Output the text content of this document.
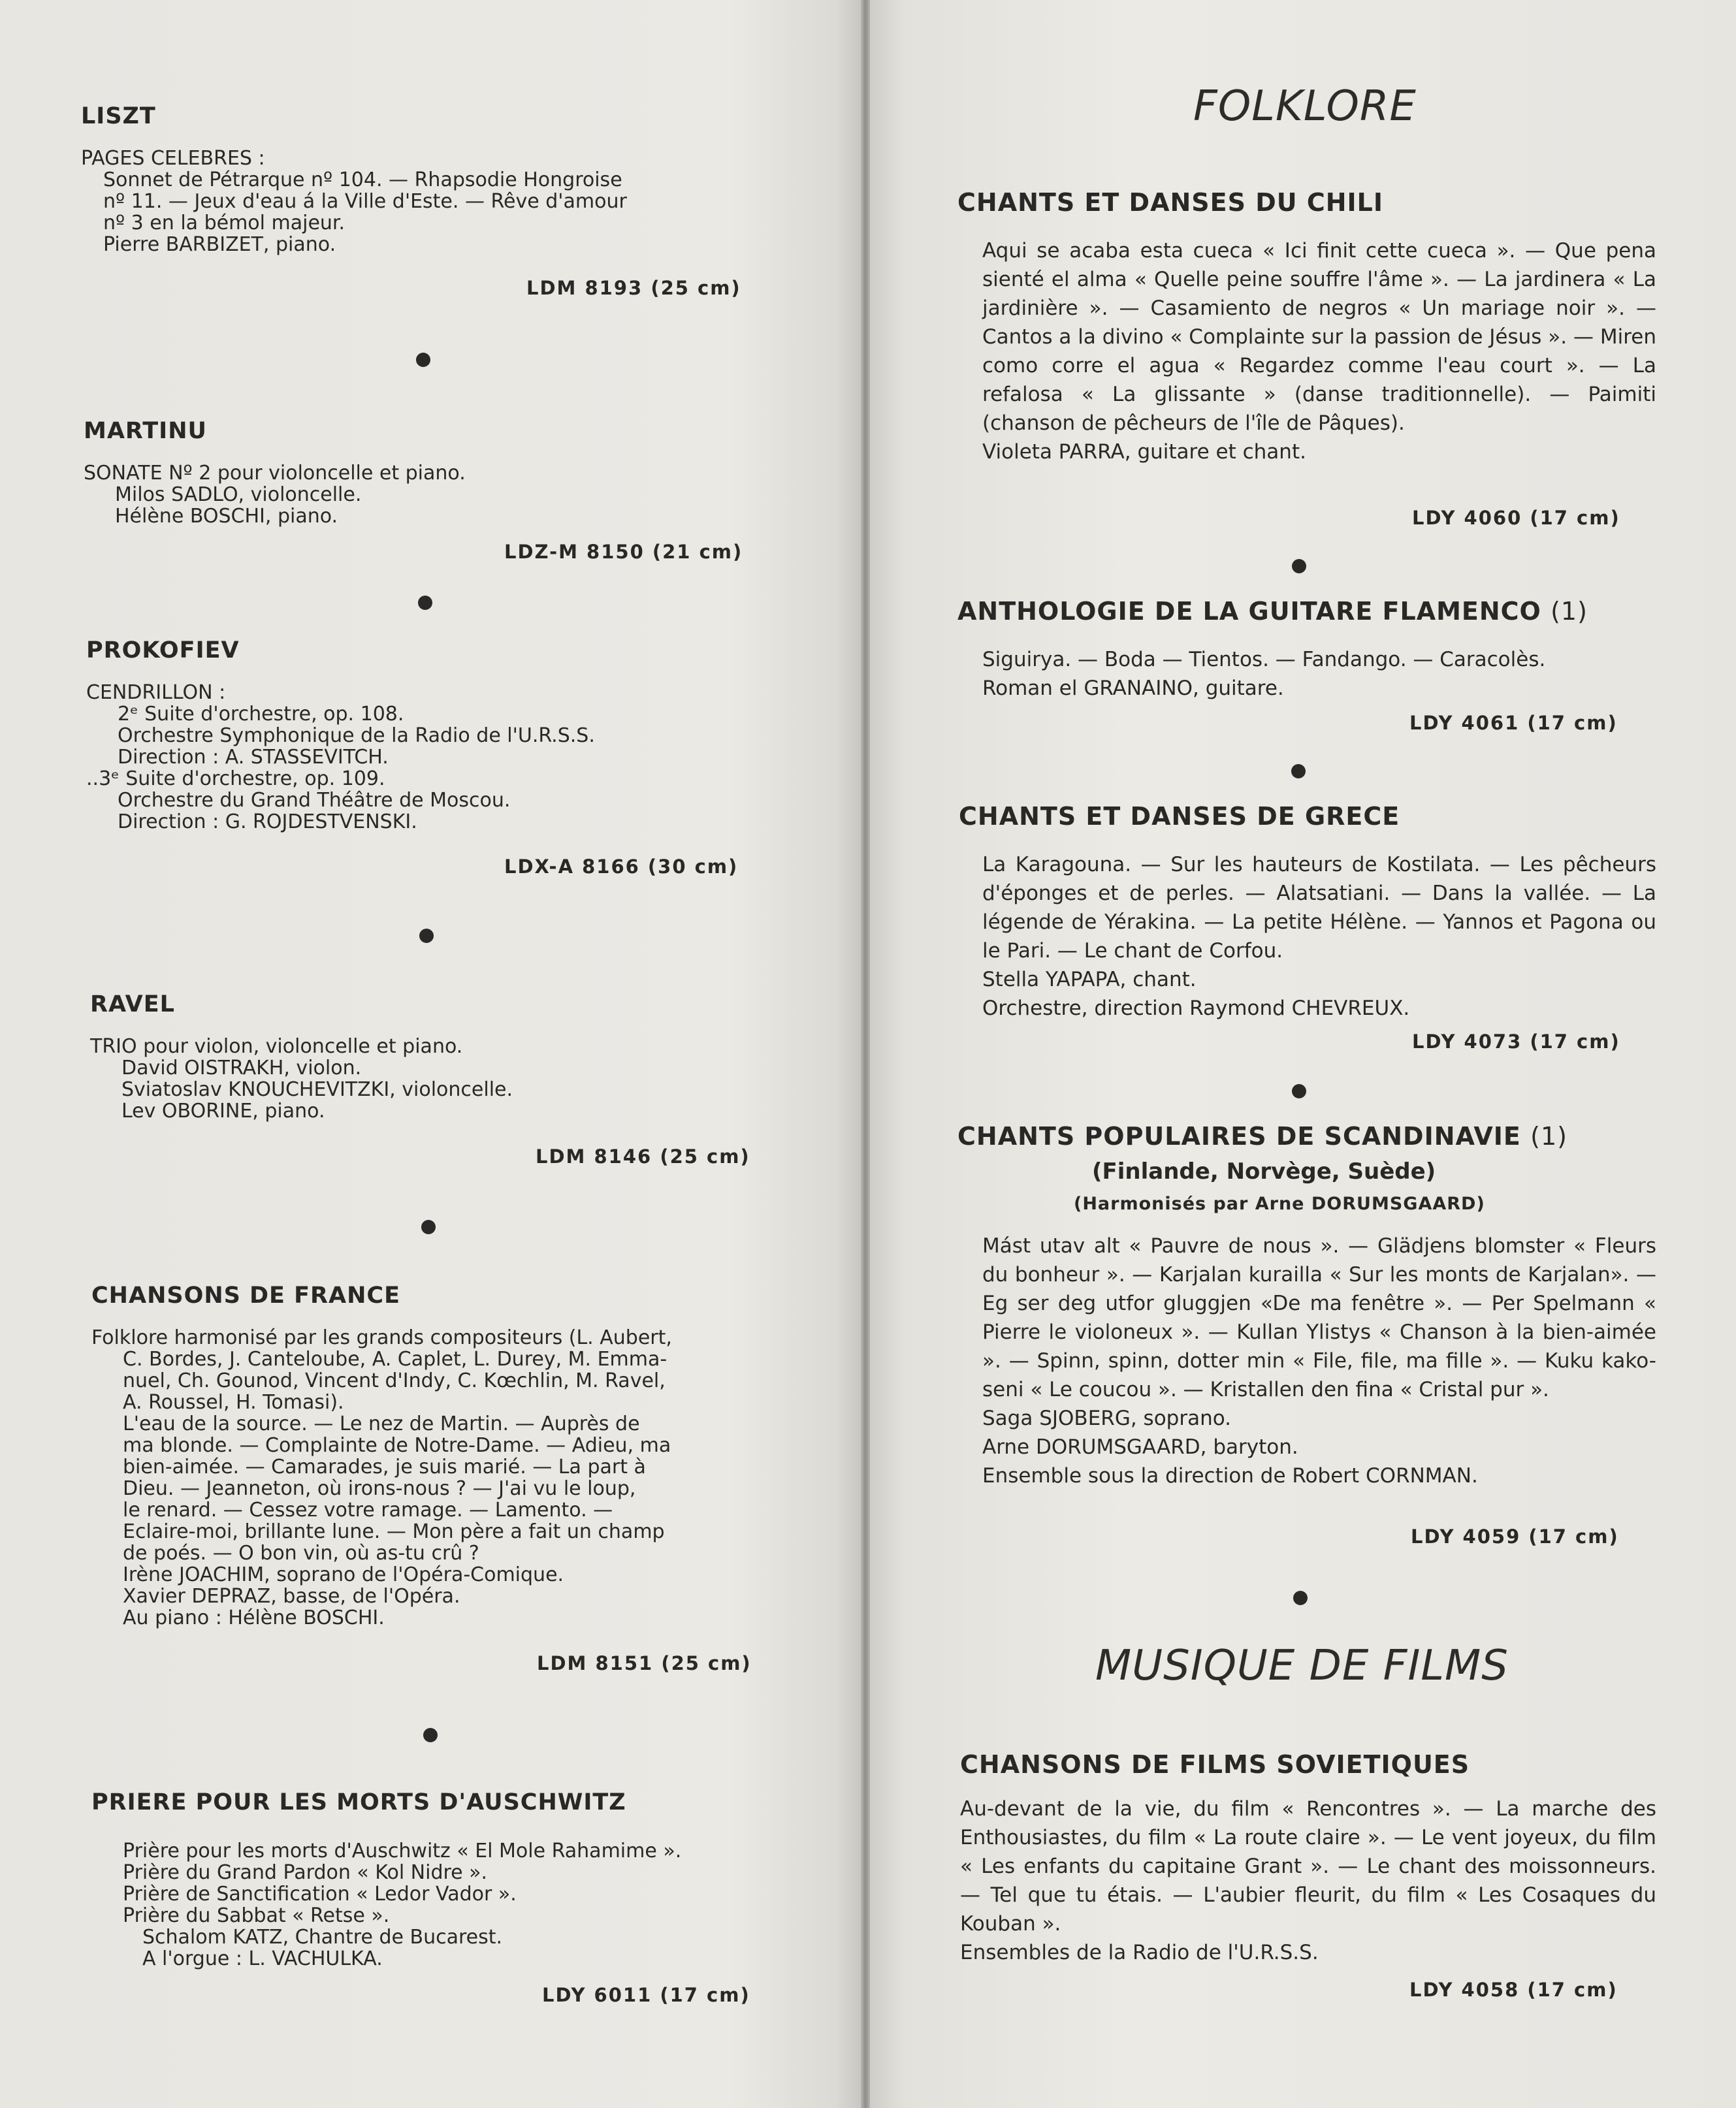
LISZT
PAGES CELEBRES :
Sonnet de Pétrarque nº 104. — Rhapsodie Hongroise
nº 11. — Jeux d'eau á la Ville d'Este. — Rêve d'amour
nº 3 en la bémol majeur.
Pierre BARBIZET, piano.
LDM 8193 (25 cm)
MARTINU
SONATE Nº 2 pour violoncelle et piano.
Milos SADLO, violoncelle.
Hélène BOSCHI, piano.
LDZ-M 8150 (21 cm)
PROKOFIEV
CENDRILLON :
2ᵉ Suite d'orchestre, op. 108.
Orchestre Symphonique de la Radio de l'U.R.S.S.
Direction : A. STASSEVITCH.
..3ᵉ Suite d'orchestre, op. 109.
Orchestre du Grand Théâtre de Moscou.
Direction : G. ROJDESTVENSKI.
LDX-A 8166 (30 cm)
RAVEL
TRIO pour violon, violoncelle et piano.
David OISTRAKH, violon.
Sviatoslav KNOUCHEVITZKI, violoncelle.
Lev OBORINE, piano.
LDM 8146 (25 cm)
CHANSONS DE FRANCE
Folklore harmonisé par les grands compositeurs (L. Aubert,
C. Bordes, J. Canteloube, A. Caplet, L. Durey, M. Emma-
nuel, Ch. Gounod, Vincent d'Indy, C. Kœchlin, M. Ravel,
A. Roussel, H. Tomasi).
L'eau de la source. — Le nez de Martin. — Auprès de
ma blonde. — Complainte de Notre-Dame. — Adieu, ma
bien-aimée. — Camarades, je suis marié. — La part à
Dieu. — Jeanneton, où irons-nous ? — J'ai vu le loup,
le renard. — Cessez votre ramage. — Lamento. —
Eclaire-moi, brillante lune. — Mon père a fait un champ
de poés. — O bon vin, où as-tu crû ?
Irène JOACHIM, soprano de l'Opéra-Comique.
Xavier DEPRAZ, basse, de l'Opéra.
Au piano : Hélène BOSCHI.
LDM 8151 (25 cm)
PRIERE POUR LES MORTS D'AUSCHWITZ
Prière pour les morts d'Auschwitz « El Mole Rahamime ».
Prière du Grand Pardon « Kol Nidre ».
Prière de Sanctification « Ledor Vador ».
Prière du Sabbat « Retse ».
Schalom KATZ, Chantre de Bucarest.
A l'orgue : L. VACHULKA.
LDY 6011 (17 cm)
FOLKLORE
CHANTS ET DANSES DU CHILI
Aqui se acaba esta cueca « Ici finit cette cueca ». — Que pena sienté el alma « Quelle peine souffre l'âme ». — La jardinera « La jardinière ». — Casamiento de negros « Un mariage noir ». — Cantos a la divino « Complainte sur la passion de Jésus ». — Miren como corre el agua « Regardez comme l'eau court ». — La refalosa « La glissante » (danse traditionnelle). — Paimiti (chanson de pêcheurs de l'île de Pâques).
Violeta PARRA, guitare et chant.
LDY 4060 (17 cm)
ANTHOLOGIE DE LA GUITARE FLAMENCO (1)
Siguirya. — Boda — Tientos. — Fandango. — Caracolès.
Roman el GRANAINO, guitare.
LDY 4061 (17 cm)
CHANTS ET DANSES DE GRECE
La Karagouna. — Sur les hauteurs de Kostilata. — Les pêcheurs d'éponges et de perles. — Alatsatiani. — Dans la vallée. — La légende de Yérakina. — La petite Hélène. — Yannos et Pagona ou le Pari. — Le chant de Corfou.
Stella YAPAPA, chant.
Orchestre, direction Raymond CHEVREUX.
LDY 4073 (17 cm)
CHANTS POPULAIRES DE SCANDINAVIE (1)
(Finlande, Norvège, Suède)
(Harmonisés par Arne DORUMSGAARD)
Mást utav alt « Pauvre de nous ». — Glädjens blomster « Fleurs du bonheur ». — Karjalan kurailla « Sur les monts de Karjalan». — Eg ser deg utfor gluggjen «De ma fenêtre ». — Per Spelmann « Pierre le violoneux ». — Kullan Ylistys « Chanson à la bien-aimée ». — Spinn, spinn, dotter min « File, file, ma fille ». — Kuku kako-seni « Le coucou ». — Kristallen den fina « Cristal pur ».
Saga SJOBERG, soprano.
Arne DORUMSGAARD, baryton.
Ensemble sous la direction de Robert CORNMAN.
LDY 4059 (17 cm)
MUSIQUE DE FILMS
CHANSONS DE FILMS SOVIETIQUES
Au-devant de la vie, du film « Rencontres ». — La marche des Enthousiastes, du film « La route claire ». — Le vent joyeux, du film « Les enfants du capitaine Grant ». — Le chant des moissonneurs. — Tel que tu étais. — L'aubier fleurit, du film « Les Cosaques du Kouban ».
Ensembles de la Radio de l'U.R.S.S.
LDY 4058 (17 cm)
